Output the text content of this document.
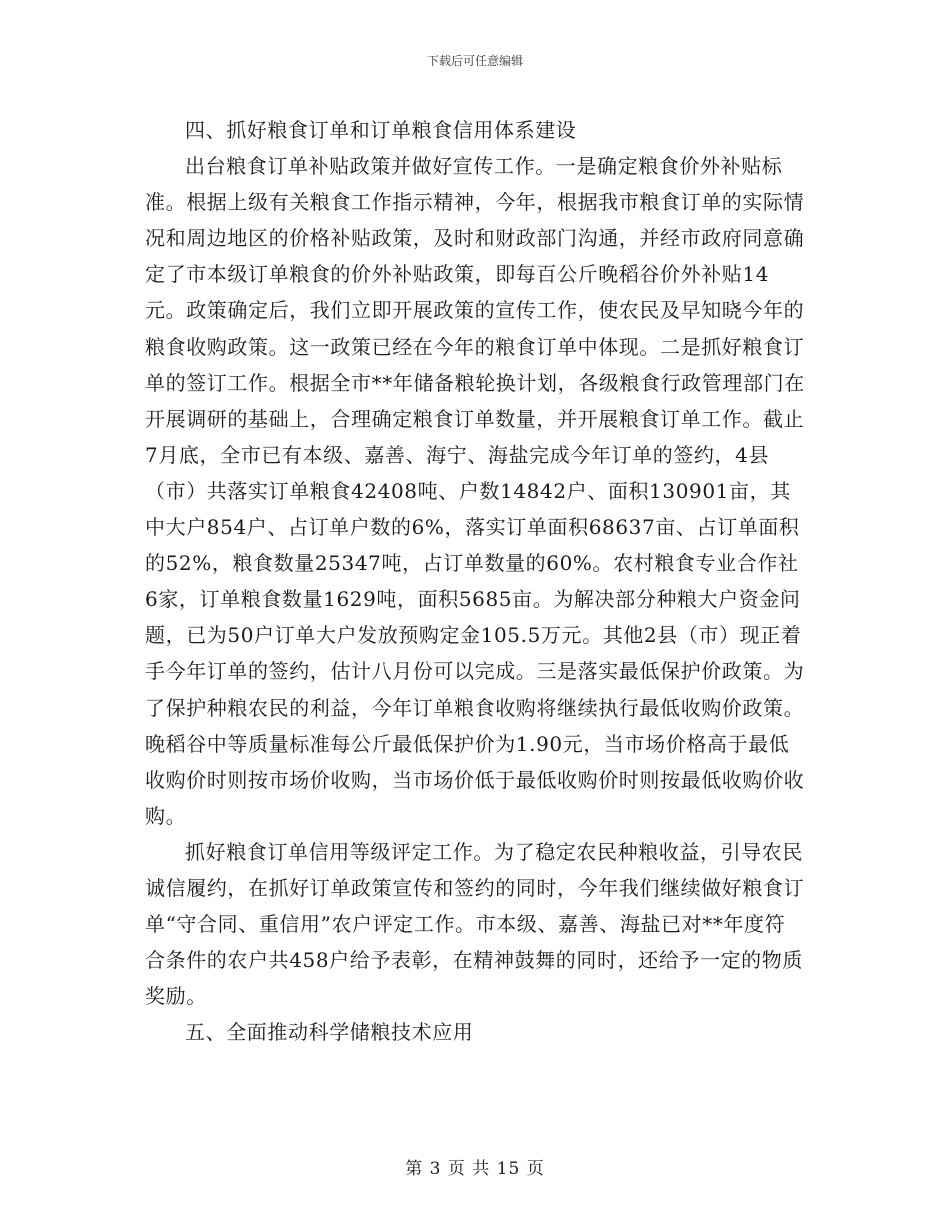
下载后可任意编辑

四、抓好粮食订单和订单粮食信用体系建设

出台粮食订单补贴政策并做好宣传工作。一是确定粮食价外补贴标准。根据上级有关粮食工作指示精神，今年，根据我市粮食订单的实际情况和周边地区的价格补贴政策，及时和财政部门沟通，并经市政府同意确定了市本级订单粮食的价外补贴政策，即每百公斤晚稻谷价外补贴14元。政策确定后，我们立即开展政策的宣传工作，使农民及早知晓今年的粮食收购政策。这一政策已经在今年的粮食订单中体现。二是抓好粮食订单的签订工作。根据全市**年储备粮轮换计划，各级粮食行政管理部门在开展调研的基础上，合理确定粮食订单数量，并开展粮食订单工作。截止7月底，全市已有本级、嘉善、海宁、海盐完成今年订单的签约，4县（市）共落实订单粮食42408吨、户数14842户、面积130901亩，其中大户854户、占订单户数的6%，落实订单面积68637亩、占订单面积的52%，粮食数量25347吨，占订单数量的60%。农村粮食专业合作社6家，订单粮食数量1629吨，面积5685亩。为解决部分种粮大户资金问题，已为50户订单大户发放预购定金105.5万元。其他2县（市）现正着手今年订单的签约，估计八月份可以完成。三是落实最低保护价政策。为了保护种粮农民的利益，今年订单粮食收购将继续执行最低收购价政策。晚稻谷中等质量标准每公斤最低保护价为1.90元，当市场价格高于最低收购价时则按市场价收购，当市场价低于最低收购价时则按最低收购价收购。

抓好粮食订单信用等级评定工作。为了稳定农民种粮收益，引导农民诚信履约，在抓好订单政策宣传和签约的同时，今年我们继续做好粮食订单“守合同、重信用”农户评定工作。市本级、嘉善、海盐已对**年度符合条件的农户共458户给予表彰，在精神鼓舞的同时，还给予一定的物质奖励。

五、全面推动科学储粮技术应用

第 3 页 共 15 页
